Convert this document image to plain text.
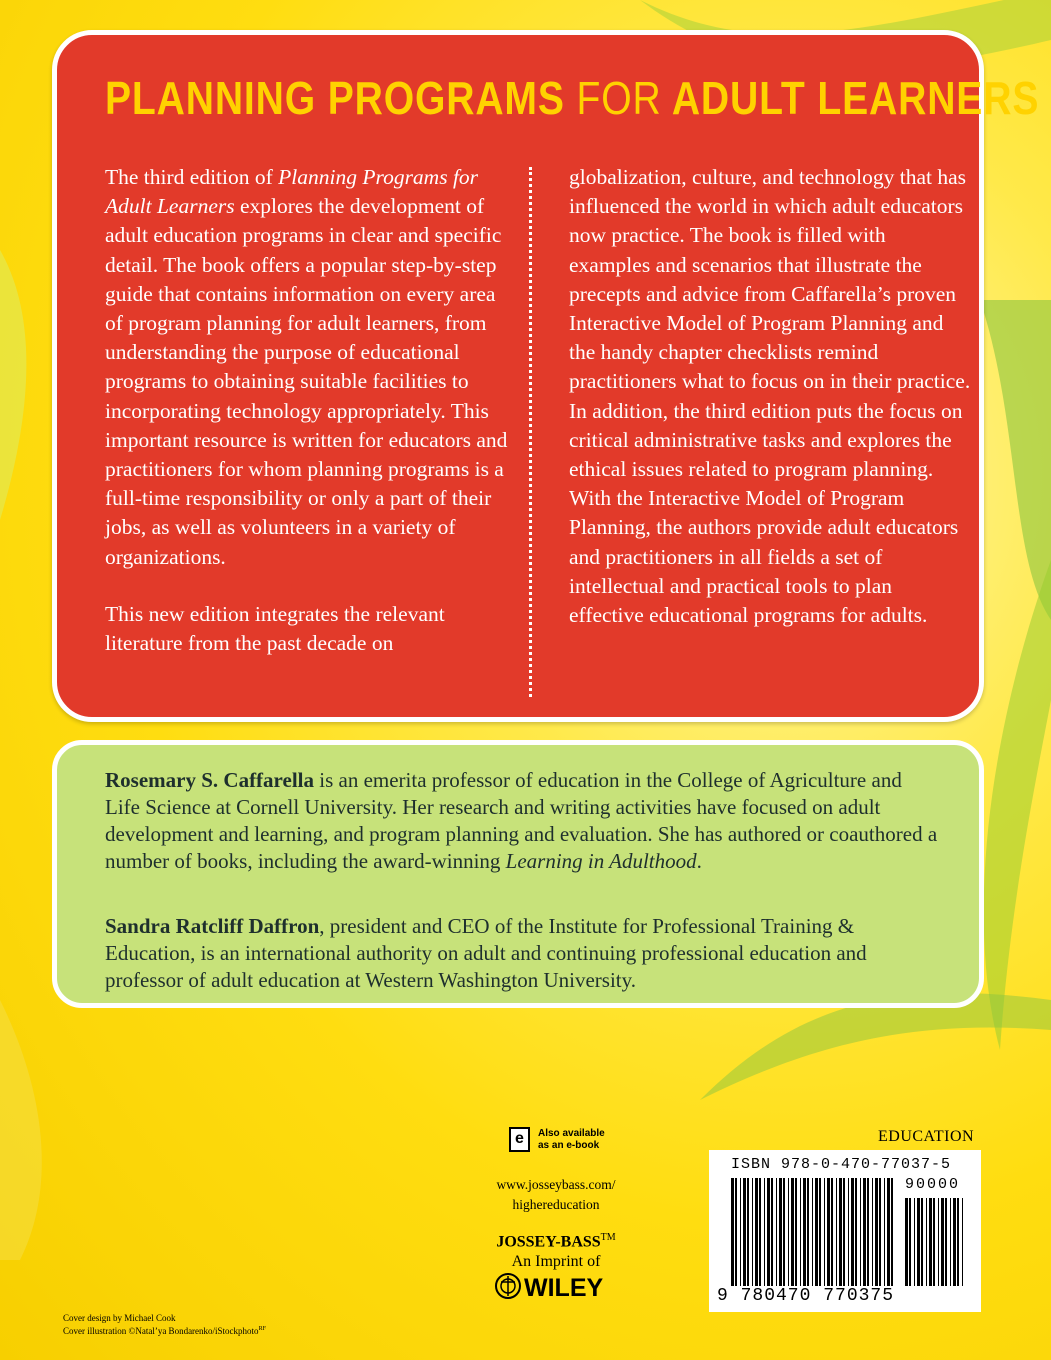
PLANNING PROGRAMS FOR ADULT LEARNERS

The third edition of Planning Programs for Adult Learners explores the development of adult education programs in clear and specific detail. The book offers a popular step-by-step guide that contains information on every area of program planning for adult learners, from understanding the purpose of educational programs to obtaining suitable facilities to incorporating technology appropriately. This important resource is written for educators and practitioners for whom planning programs is a full-time responsibility or only a part of their jobs, as well as volunteers in a variety of organizations.

This new edition integrates the relevant literature from the past decade on

globalization, culture, and technology that has influenced the world in which adult educators now practice. The book is filled with examples and scenarios that illustrate the precepts and advice from Caffarella’s proven Interactive Model of Program Planning and the handy chapter checklists remind practitioners what to focus on in their practice. In addition, the third edition puts the focus on critical administrative tasks and explores the ethical issues related to program planning. With the Interactive Model of Program Planning, the authors provide adult educators and practitioners in all fields a set of intellectual and practical tools to plan effective educational programs for adults.

Rosemary S. Caffarella is an emerita professor of education in the College of Agriculture and Life Science at Cornell University. Her research and writing activities have focused on adult development and learning, and program planning and evaluation. She has authored or coauthored a number of books, including the award-winning Learning in Adulthood.

Sandra Ratcliff Daffron, president and CEO of the Institute for Professional Training & Education, is an international authority on adult and continuing professional education and professor of adult education at Western Washington University.

e	Also available
as an e-book
www.josseybass.com/
highereducation
JOSSEY-BASS™
An Imprint of
WILEY
Cover design by Michael Cook
Cover illustration ©Natal’ya Bondarenko/iStockphoto$^{RF}$
EDUCATION
ISBN 978-0-470-77037-5
90000
9 780470 770375
